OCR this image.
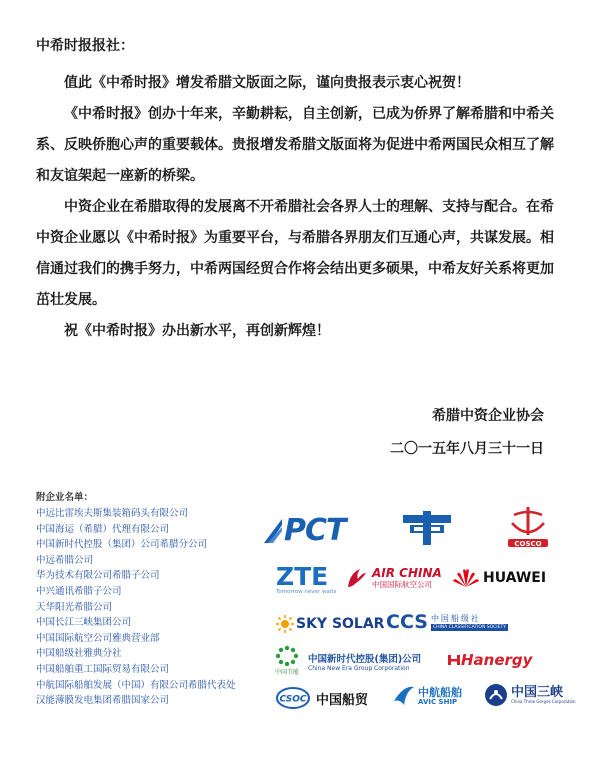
中希时报报社：

值此《中希时报》增发希腊文版面之际，谨向贵报表示衷心祝贺！

《中希时报》创办十年来，辛勤耕耘，自主创新，已成为侨界了解希腊和中希关系、反映侨胞心声的重要载体。贵报增发希腊文版面将为促进中希两国民众相互了解和友谊架起一座新的桥梁。

中资企业在希腊取得的发展离不开希腊社会各界人士的理解、支持与配合。在希中资企业愿以《中希时报》为重要平台，与希腊各界朋友们互通心声，共谋发展。相信通过我们的携手努力，中希两国经贸合作将会结出更多硕果，中希友好关系将更加茁壮发展。

祝《中希时报》办出新水平，再创新辉煌！

希腊中资企业协会
二〇一五年八月三十一日
附企业名单：
中远比雷埃夫斯集装箱码头有限公司
中国海运（希腊）代理有限公司
中国新时代控股（集团）公司希腊分公司
中远希腊公司
华为技术有限公司希腊子公司
中兴通讯希腊子公司
天华阳光希腊公司
中国长江三峡集团公司
中国国际航空公司雅典营业部
中国船级社雅典分社
中国船舶重工国际贸易有限公司
中航国际船舶发展（中国）有限公司希腊代表处
汉能薄膜发电集团希腊国家公司
PCT	COSCO
ZTE
Tomorrow never waits
AIR CHINA
中国国际航空公司	HUAWEI
SKY SOLAR CCS 中国船级社
CHINA CLASSIFICATION SOCIETY
中国节能
中国新时代控股(集团)公司
China New Era Group Corporation	Hanergy
CSOC 中国船贸
中航船舶
AVIC SHIP
中国三峡
China Three Gorges Corporation
